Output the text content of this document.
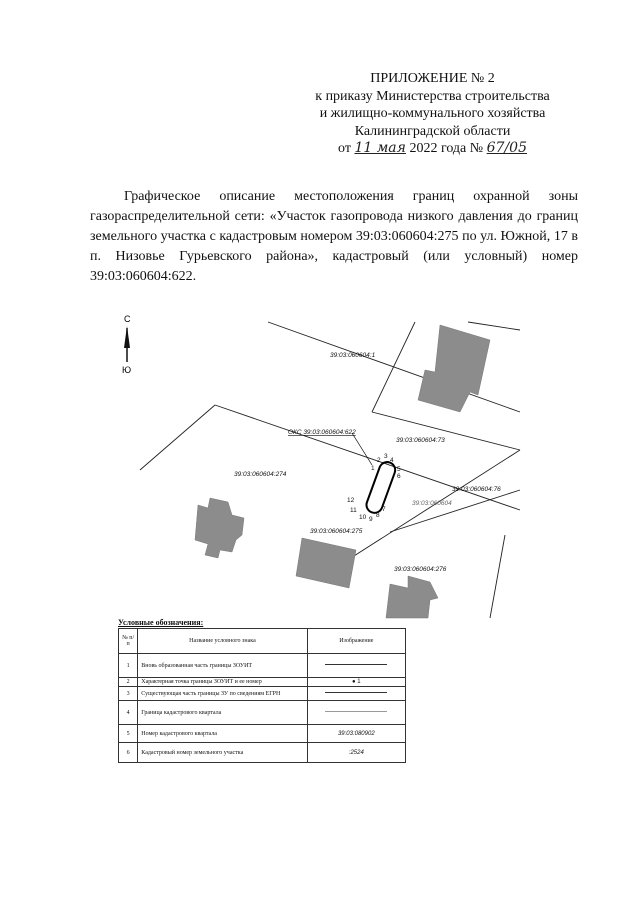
ПРИЛОЖЕНИЕ № 2
к приказу Министерства строительства
и жилищно-коммунального хозяйства
Калининградской области
от 11 мая 2022 года № 67/05
Графическое описание местоположения границ охранной зоны газораспределительной сети: «Участок газопровода низкого давления до границ земельного участка с кадастровым номером 39:03:060604:275 по ул. Южной, 17 в п. Низовье Гурьевского района», кадастровый (или условный) номер 39:03:060604:622.
С
Ю
1
2
3
4
5
6
7
8
9
10
11
12
39:03:060604:1
39:03:060604:73
ОКС 39:03:060604:622
39:03:060604:274
39:03:060604:76
39:03:060604
39:03:060604:275
39:03:060604:276
Условные обозначения:
№ п/п	Название условного знака	Изображение
1	Вновь образованная часть границы ЗОУИТ	
2	Характерная точка границы ЗОУИТ и ее номер	● 1
3	Существующая часть границы ЗУ по сведениям ЕГРН	
4	Граница кадастрового квартала	
5	Номер кадастрового квартала	39:03:080902
6	Кадастровый номер земельного участка	:2524
